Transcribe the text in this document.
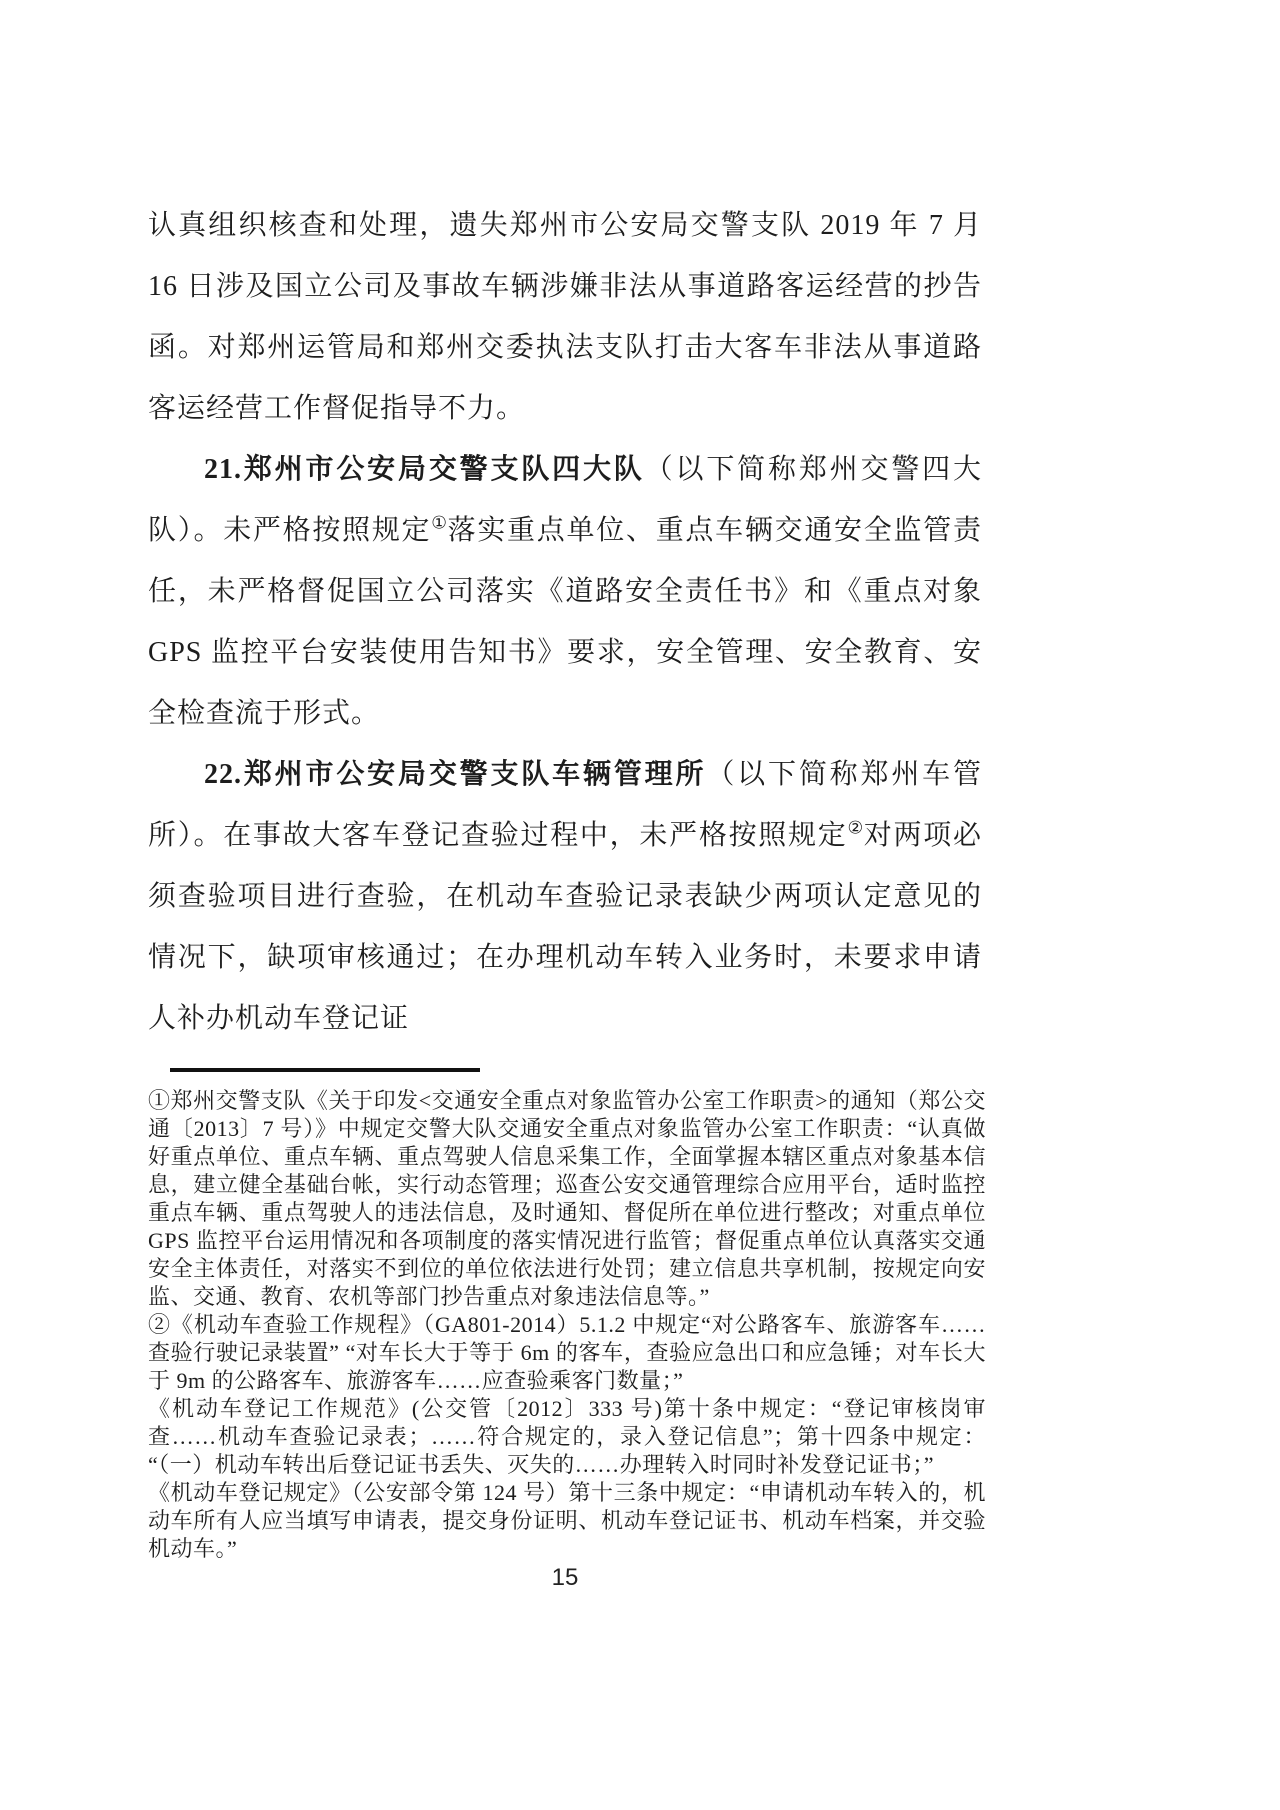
认真组织核查和处理，遗失郑州市公安局交警支队 2019 年 7 月 16 日涉及国立公司及事故车辆涉嫌非法从事道路客运经营的抄告函。对郑州运管局和郑州交委执法支队打击大客车非法从事道路客运经营工作督促指导不力。

21.郑州市公安局交警支队四大队（以下简称郑州交警四大队）。未严格按照规定①落实重点单位、重点车辆交通安全监管责任，未严格督促国立公司落实《道路安全责任书》和《重点对象 GPS 监控平台安装使用告知书》要求，安全管理、安全教育、安全检查流于形式。

22.郑州市公安局交警支队车辆管理所（以下简称郑州车管所）。在事故大客车登记查验过程中，未严格按照规定②对两项必须查验项目进行查验，在机动车查验记录表缺少两项认定意见的情况下，缺项审核通过；在办理机动车转入业务时，未要求申请人补办机动车登记证

①郑州交警支队《关于印发<交通安全重点对象监管办公室工作职责>的通知（郑公交通〔2013〕7 号）》中规定交警大队交通安全重点对象监管办公室工作职责：“认真做好重点单位、重点车辆、重点驾驶人信息采集工作，全面掌握本辖区重点对象基本信息，建立健全基础台帐，实行动态管理；巡查公安交通管理综合应用平台，适时监控重点车辆、重点驾驶人的违法信息，及时通知、督促所在单位进行整改；对重点单位 GPS 监控平台运用情况和各项制度的落实情况进行监管；督促重点单位认真落实交通安全主体责任，对落实不到位的单位依法进行处罚；建立信息共享机制，按规定向安监、交通、教育、农机等部门抄告重点对象违法信息等。”

②《机动车查验工作规程》（GA801-2014）5.1.2 中规定“对公路客车、旅游客车……查验行驶记录装置” “对车长大于等于 6m 的客车，查验应急出口和应急锤；对车长大于 9m 的公路客车、旅游客车……应查验乘客门数量；”

《机动车登记工作规范》(公交管〔2012〕333 号)第十条中规定：“登记审核岗审查……机动车查验记录表；……符合规定的，录入登记信息”；第十四条中规定：“（一）机动车转出后登记证书丢失、灭失的……办理转入时同时补发登记证书；”

《机动车登记规定》（公安部令第 124 号）第十三条中规定：“申请机动车转入的，机动车所有人应当填写申请表，提交身份证明、机动车登记证书、机动车档案，并交验机动车。”

15
